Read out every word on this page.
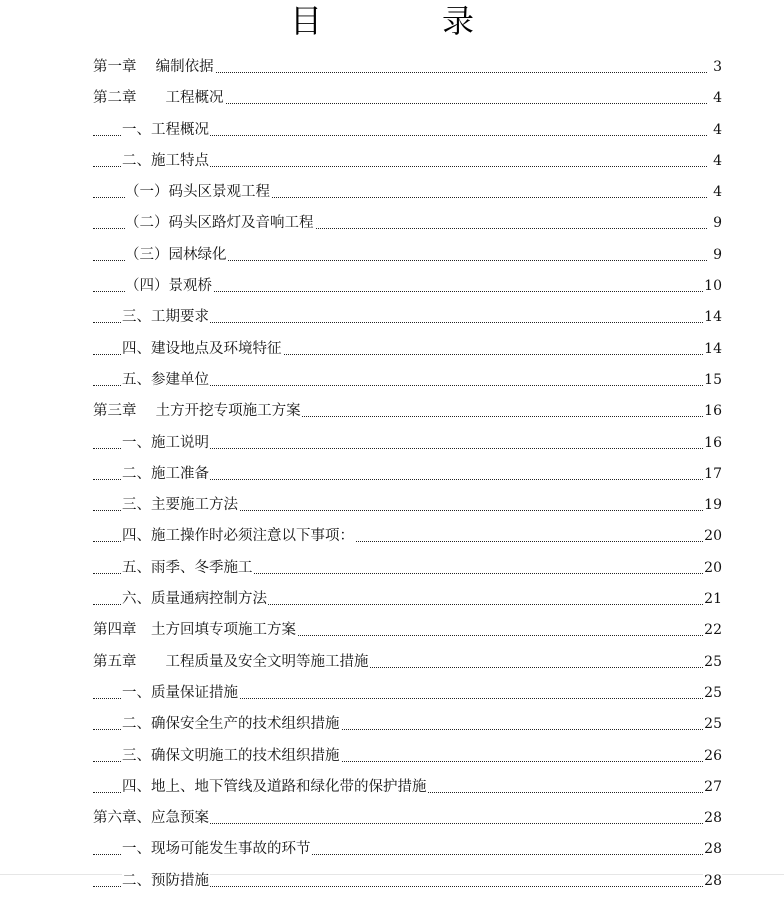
目　录
第一章　 编制依据	3
第二章　　工程概况	4
一、工程概况	4
二、施工特点	4
（一）码头区景观工程	4
（二）码头区路灯及音响工程	9
（三）园林绿化	9
（四）景观桥	10
三、工期要求	14
四、建设地点及环境特征	14
五、参建单位	15
第三章　 土方开挖专项施工方案	16
一、施工说明	16
二、施工准备	17
三、主要施工方法	19
四、施工操作时必须注意以下事项：	20
五、雨季、冬季施工	20
六、质量通病控制方法	21
第四章　土方回填专项施工方案	22
第五章　　工程质量及安全文明等施工措施	25
一、质量保证措施	25
二、确保安全生产的技术组织措施	25
三、确保文明施工的技术组织措施	26
四、地上、地下管线及道路和绿化带的保护措施	27
第六章、应急预案	28
一、现场可能发生事故的环节	28
二、预防措施	28
